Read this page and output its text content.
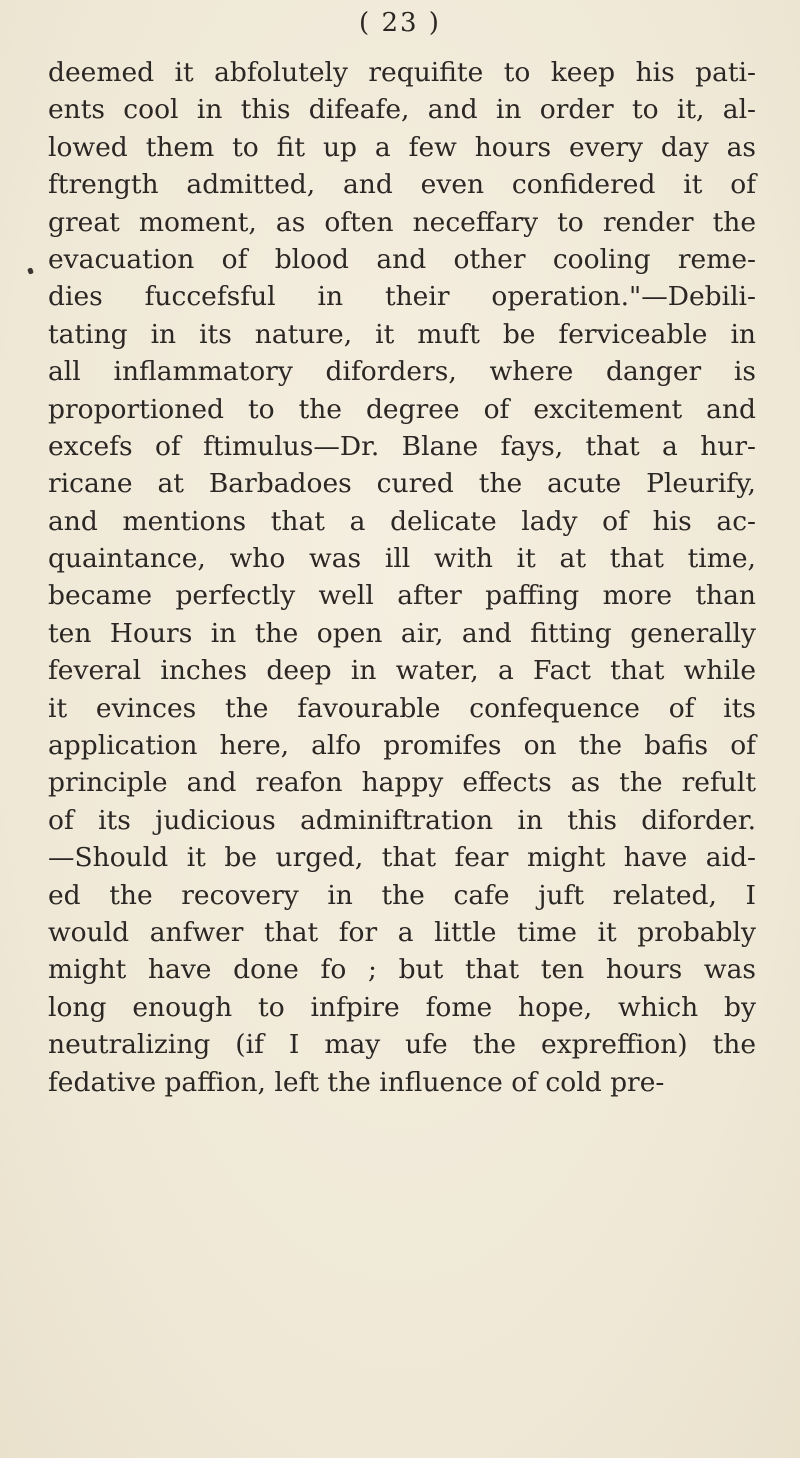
( 23 )
deemed it abfolutely requifite to keep his pati-
ents cool in this difeafe, and in order to it, al-
lowed them to fit up a few hours every day as
ftrength admitted, and even confidered it of
great moment, as often neceffary to render the
evacuation of blood and other cooling reme-
dies fuccefsful in their operation."—Debili-
tating in its nature, it muft be ferviceable in
all inflammatory diforders, where danger is
proportioned to the degree of excitement and
excefs of ftimulus—Dr. Blane fays, that a hur-
ricane at Barbadoes cured the acute Pleurify,
and mentions that a delicate lady of his ac-
quaintance, who was ill with it at that time,
became perfectly well after paffing more than
ten Hours in the open air, and fitting generally
feveral inches deep in water, a Fact that while
it evinces the favourable confequence of its
application here, alfo promifes on the bafis of
principle and reafon happy effects as the refult
of its judicious adminiftration in this diforder.
—Should it be urged, that fear might have aid-
ed the recovery in the cafe juft related, I
would anfwer that for a little time it probably
might have done fo ; but that ten hours was
long enough to infpire fome hope, which by
neutralizing (if I may ufe the expreffion) the
fedative paffion, left the influence of cold pre-
